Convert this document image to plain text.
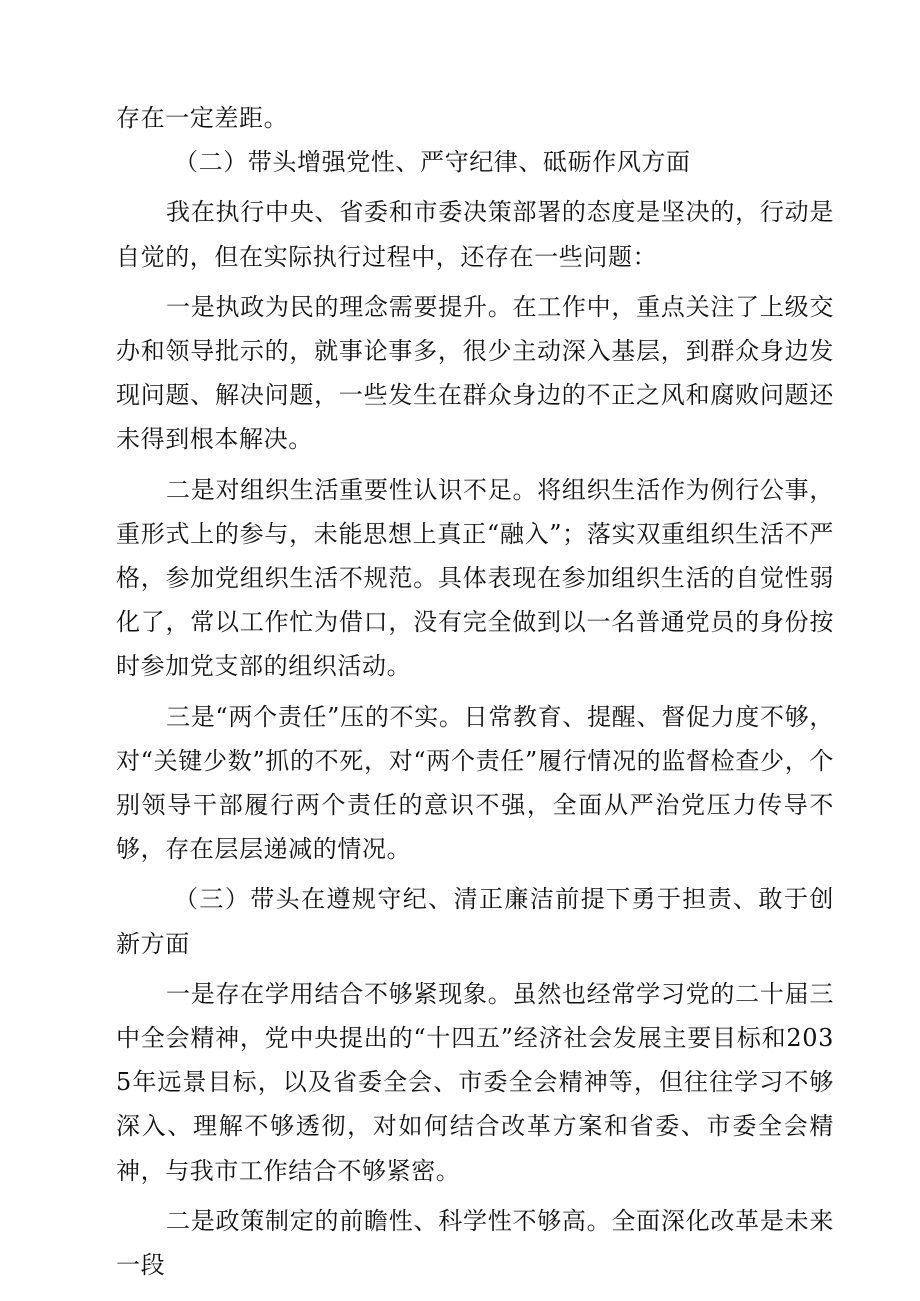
存在一定差距。

（二）带头增强党性、严守纪律、砥砺作风方面

我在执行中央、省委和市委决策部署的态度是坚决的，行动是自觉的，但在实际执行过程中，还存在一些问题：

一是执政为民的理念需要提升。在工作中，重点关注了上级交办和领导批示的，就事论事多，很少主动深入基层，到群众身边发现问题、解决问题，一些发生在群众身边的不正之风和腐败问题还未得到根本解决。

二是对组织生活重要性认识不足。将组织生活作为例行公事，重形式上的参与，未能思想上真正“融入”；落实双重组织生活不严格，参加党组织生活不规范。具体表现在参加组织生活的自觉性弱化了，常以工作忙为借口，没有完全做到以一名普通党员的身份按时参加党支部的组织活动。

三是“两个责任”压的不实。日常教育、提醒、督促力度不够，对“关键少数”抓的不死，对“两个责任”履行情况的监督检查少，个别领导干部履行两个责任的意识不强，全面从严治党压力传导不够，存在层层递减的情况。

（三）带头在遵规守纪、清正廉洁前提下勇于担责、敢于创新方面

一是存在学用结合不够紧现象。虽然也经常学习党的二十届三中全会精神，党中央提出的“十四五”经济社会发展主要目标和2035年远景目标，以及省委全会、市委全会精神等，但往往学习不够深入、理解不够透彻，对如何结合改革方案和省委、市委全会精神，与我市工作结合不够紧密。

二是政策制定的前瞻性、科学性不够高。全面深化改革是未来一段
